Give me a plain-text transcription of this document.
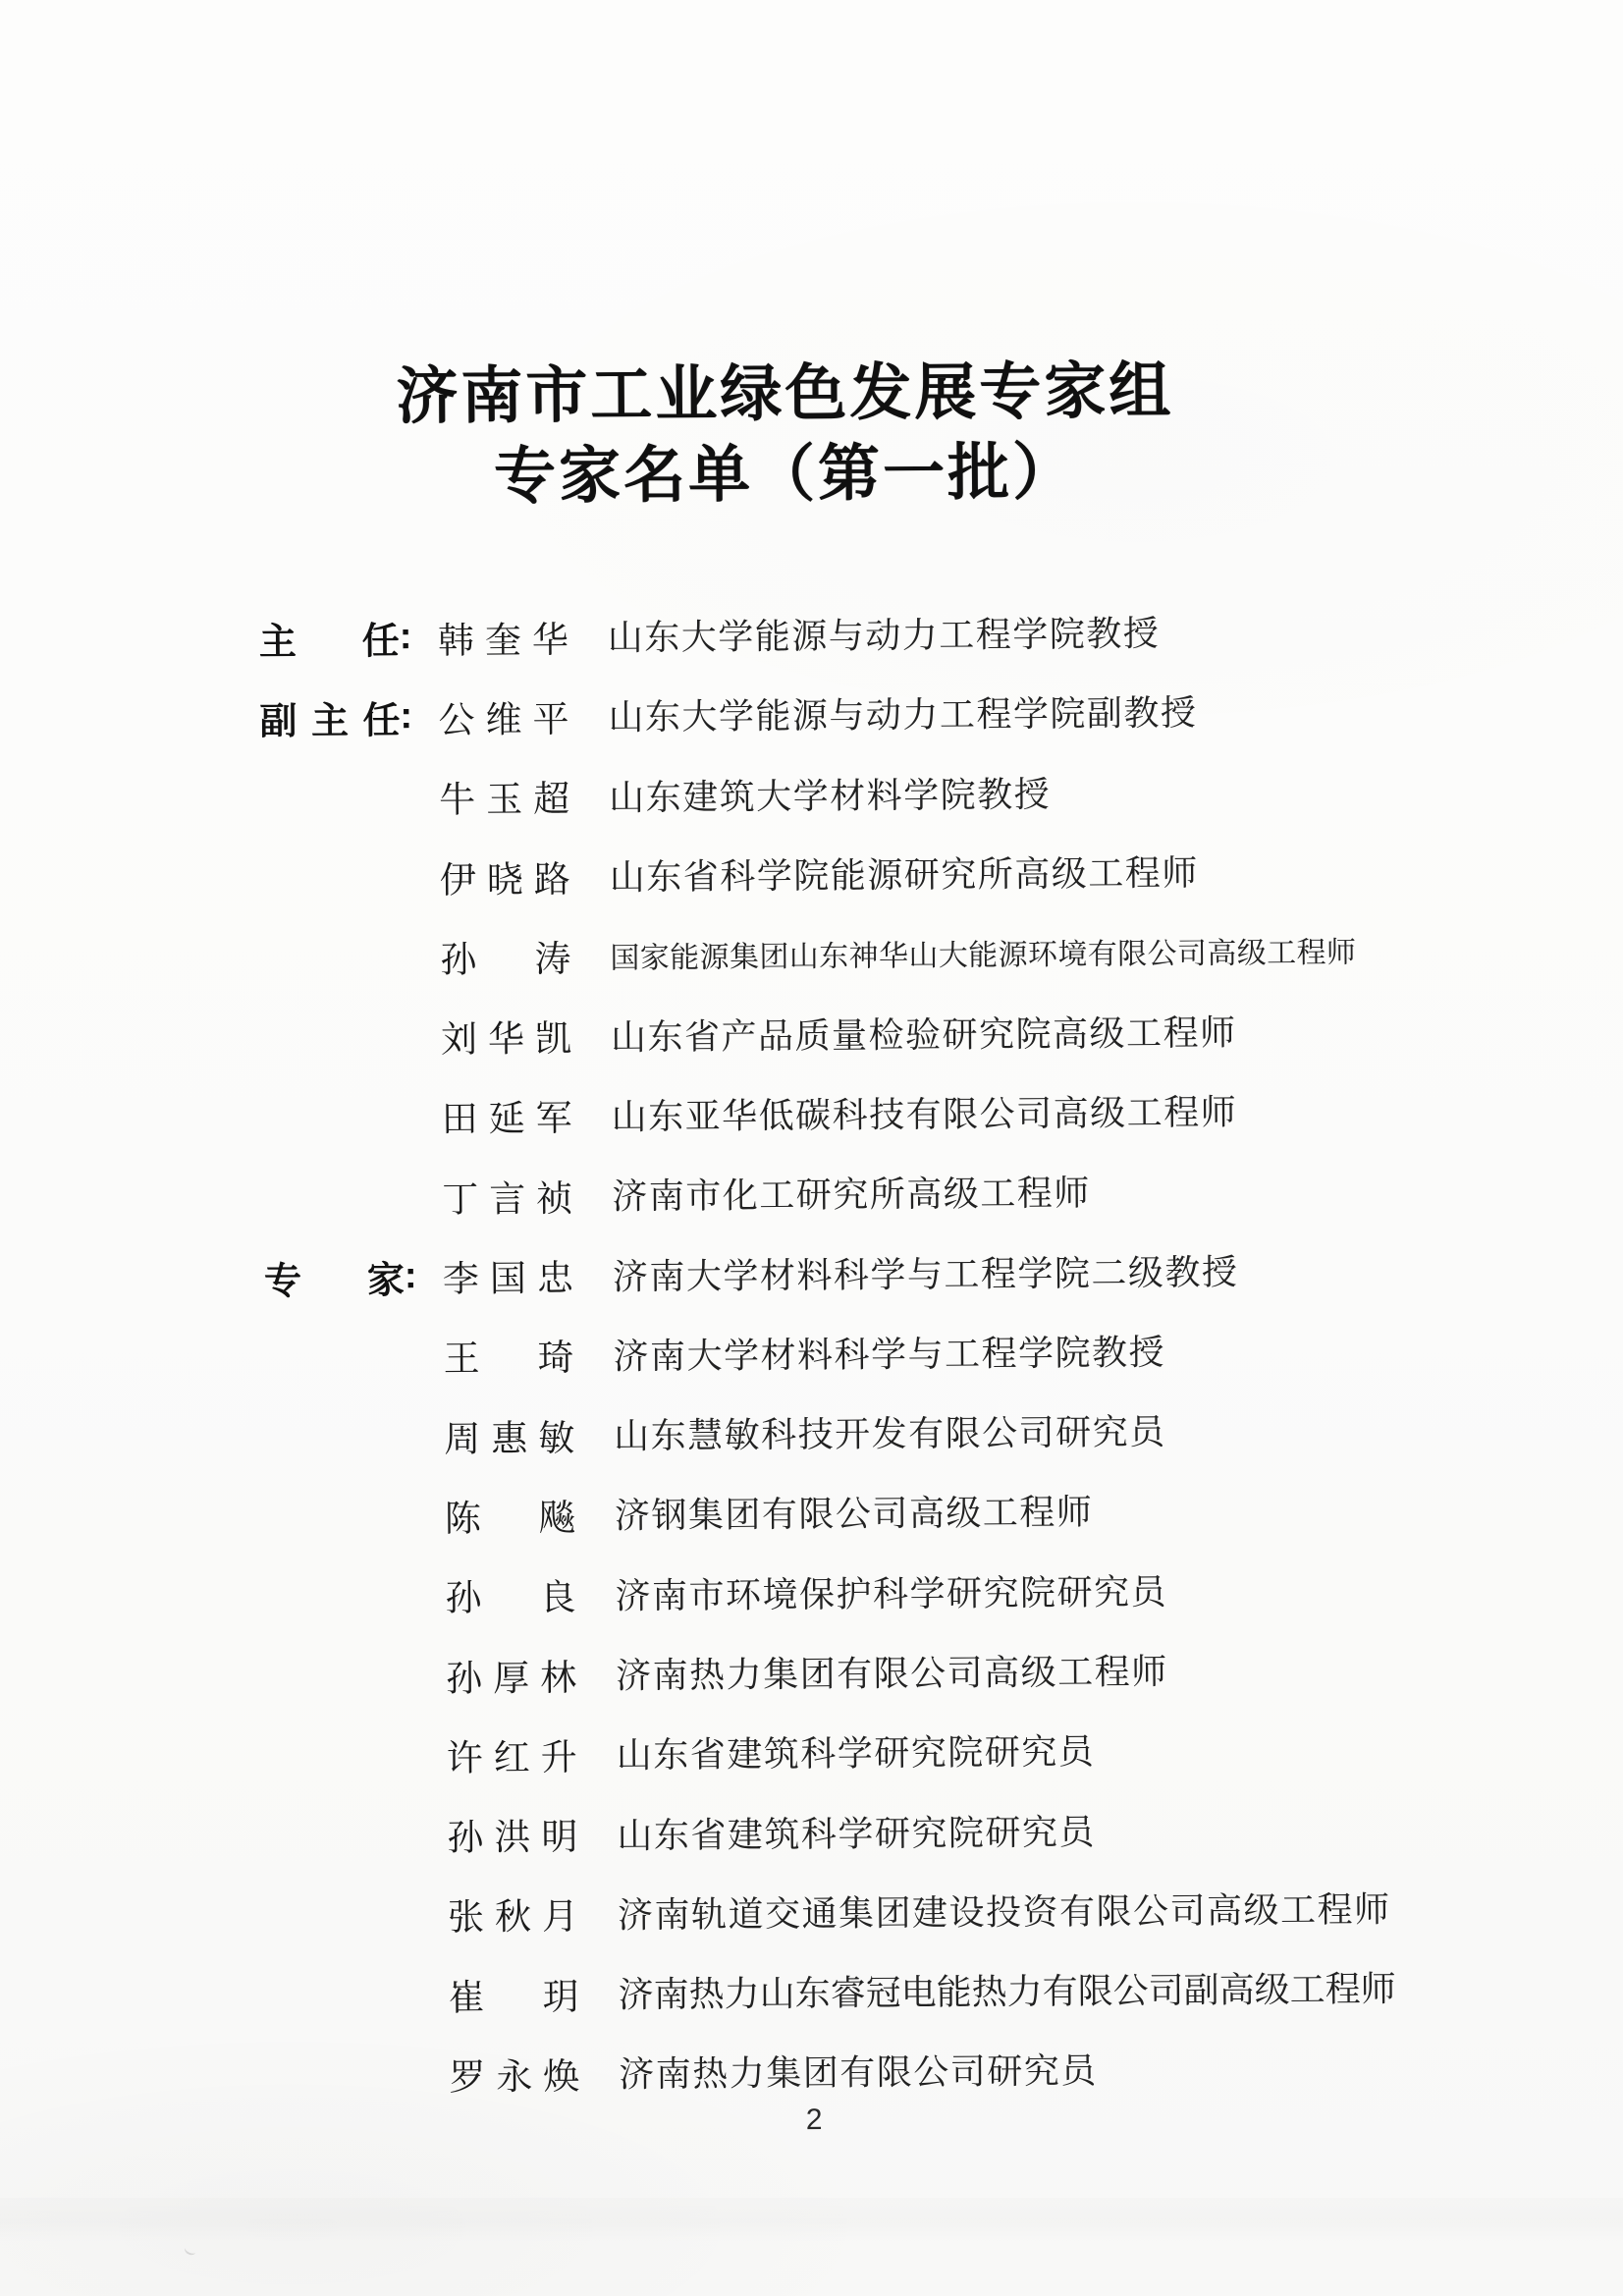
济南市工业绿色发展专家组
专家名单（第一批）
主任 : 韩奎华 山东大学能源与动力工程学院教授
副主任 : 公维平 山东大学能源与动力工程学院副教授
牛玉超 山东建筑大学材料学院教授
伊晓路 山东省科学院能源研究所高级工程师
孙涛 国家能源集团山东神华山大能源环境有限公司高级工程师
刘华凯 山东省产品质量检验研究院高级工程师
田延军 山东亚华低碳科技有限公司高级工程师
丁言祯 济南市化工研究所高级工程师
专家 : 李国忠 济南大学材料科学与工程学院二级教授
王琦 济南大学材料科学与工程学院教授
周惠敏 山东慧敏科技开发有限公司研究员
陈飚 济钢集团有限公司高级工程师
孙良 济南市环境保护科学研究院研究员
孙厚林 济南热力集团有限公司高级工程师
许红升 山东省建筑科学研究院研究员
孙洪明 山东省建筑科学研究院研究员
张秋月 济南轨道交通集团建设投资有限公司高级工程师
崔玥 济南热力山东睿冠电能热力有限公司副高级工程师
罗永焕 济南热力集团有限公司研究员
2
